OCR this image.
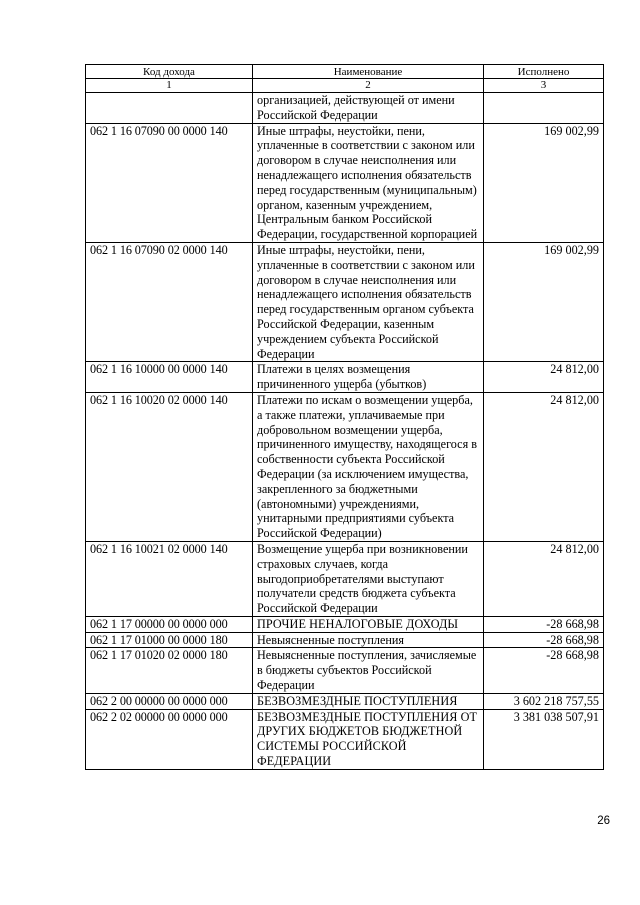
Код дохода	Наименование	Исполнено
1	2	3
	организацией, действующей от имени Российской Федерации	
062 1 16 07090 00 0000 140	Иные штрафы, неустойки, пени, уплаченные в соответствии с законом или договором в случае неисполнения или ненадлежащего исполнения обязательств перед государственным (муниципальным) органом, казенным учреждением, Центральным банком Российской Федерации, государственной корпорацией	169 002,99
062 1 16 07090 02 0000 140	Иные штрафы, неустойки, пени, уплаченные в соответствии с законом или договором в случае неисполнения или ненадлежащего исполнения обязательств перед государственным органом субъекта Российской Федерации, казенным учреждением субъекта Российской Федерации	169 002,99
062 1 16 10000 00 0000 140	Платежи в целях возмещения причиненного ущерба (убытков)	24 812,00
062 1 16 10020 02 0000 140	Платежи по искам о возмещении ущерба, а также платежи, уплачиваемые при добровольном возмещении ущерба, причиненного имуществу, находящегося в собственности субъекта Российской Федерации (за исключением имущества, закрепленного за бюджетными (автономными) учреждениями, унитарными предприятиями субъекта Российской Федерации)	24 812,00
062 1 16 10021 02 0000 140	Возмещение ущерба при возникновении страховых случаев, когда выгодоприобретателями выступают получатели средств бюджета субъекта Российской Федерации	24 812,00
062 1 17 00000 00 0000 000	ПРОЧИЕ НЕНАЛОГОВЫЕ ДОХОДЫ	-28 668,98
062 1 17 01000 00 0000 180	Невыясненные поступления	-28 668,98
062 1 17 01020 02 0000 180	Невыясненные поступления, зачисляемые в бюджеты субъектов Российской Федерации	-28 668,98
062 2 00 00000 00 0000 000	БЕЗВОЗМЕЗДНЫЕ ПОСТУПЛЕНИЯ	3 602 218 757,55
062 2 02 00000 00 0000 000	БЕЗВОЗМЕЗДНЫЕ ПОСТУПЛЕНИЯ ОТ ДРУГИХ БЮДЖЕТОВ БЮДЖЕТНОЙ СИСТЕМЫ РОССИЙСКОЙ ФЕДЕРАЦИИ	3 381 038 507,91
26
